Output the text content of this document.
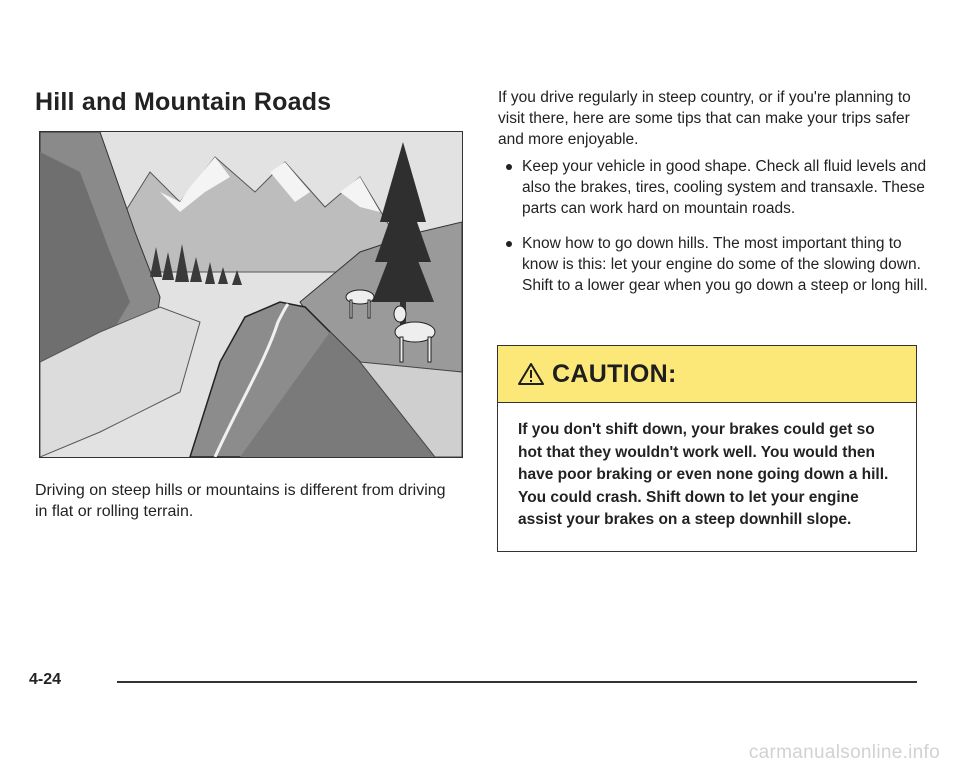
Hill and Mountain Roads

Driving on steep hills or mountains is different from driving in flat or rolling terrain.

If you drive regularly in steep country, or if you're planning to visit there, here are some tips that can make your trips safer and more enjoyable.

Keep your vehicle in good shape. Check all fluid levels and also the brakes, tires, cooling system and transaxle. These parts can work hard on mountain roads.
Know how to go down hills. The most important thing to know is this: let your engine do some of the slowing down. Shift to a lower gear when you go down a steep or long hill.
CAUTION:

If you don't shift down, your brakes could get so hot that they wouldn't work well. You would then have poor braking or even none going down a hill. You could crash. Shift down to let your engine assist your brakes on a steep downhill slope.

4-24
carmanualsonline.info
